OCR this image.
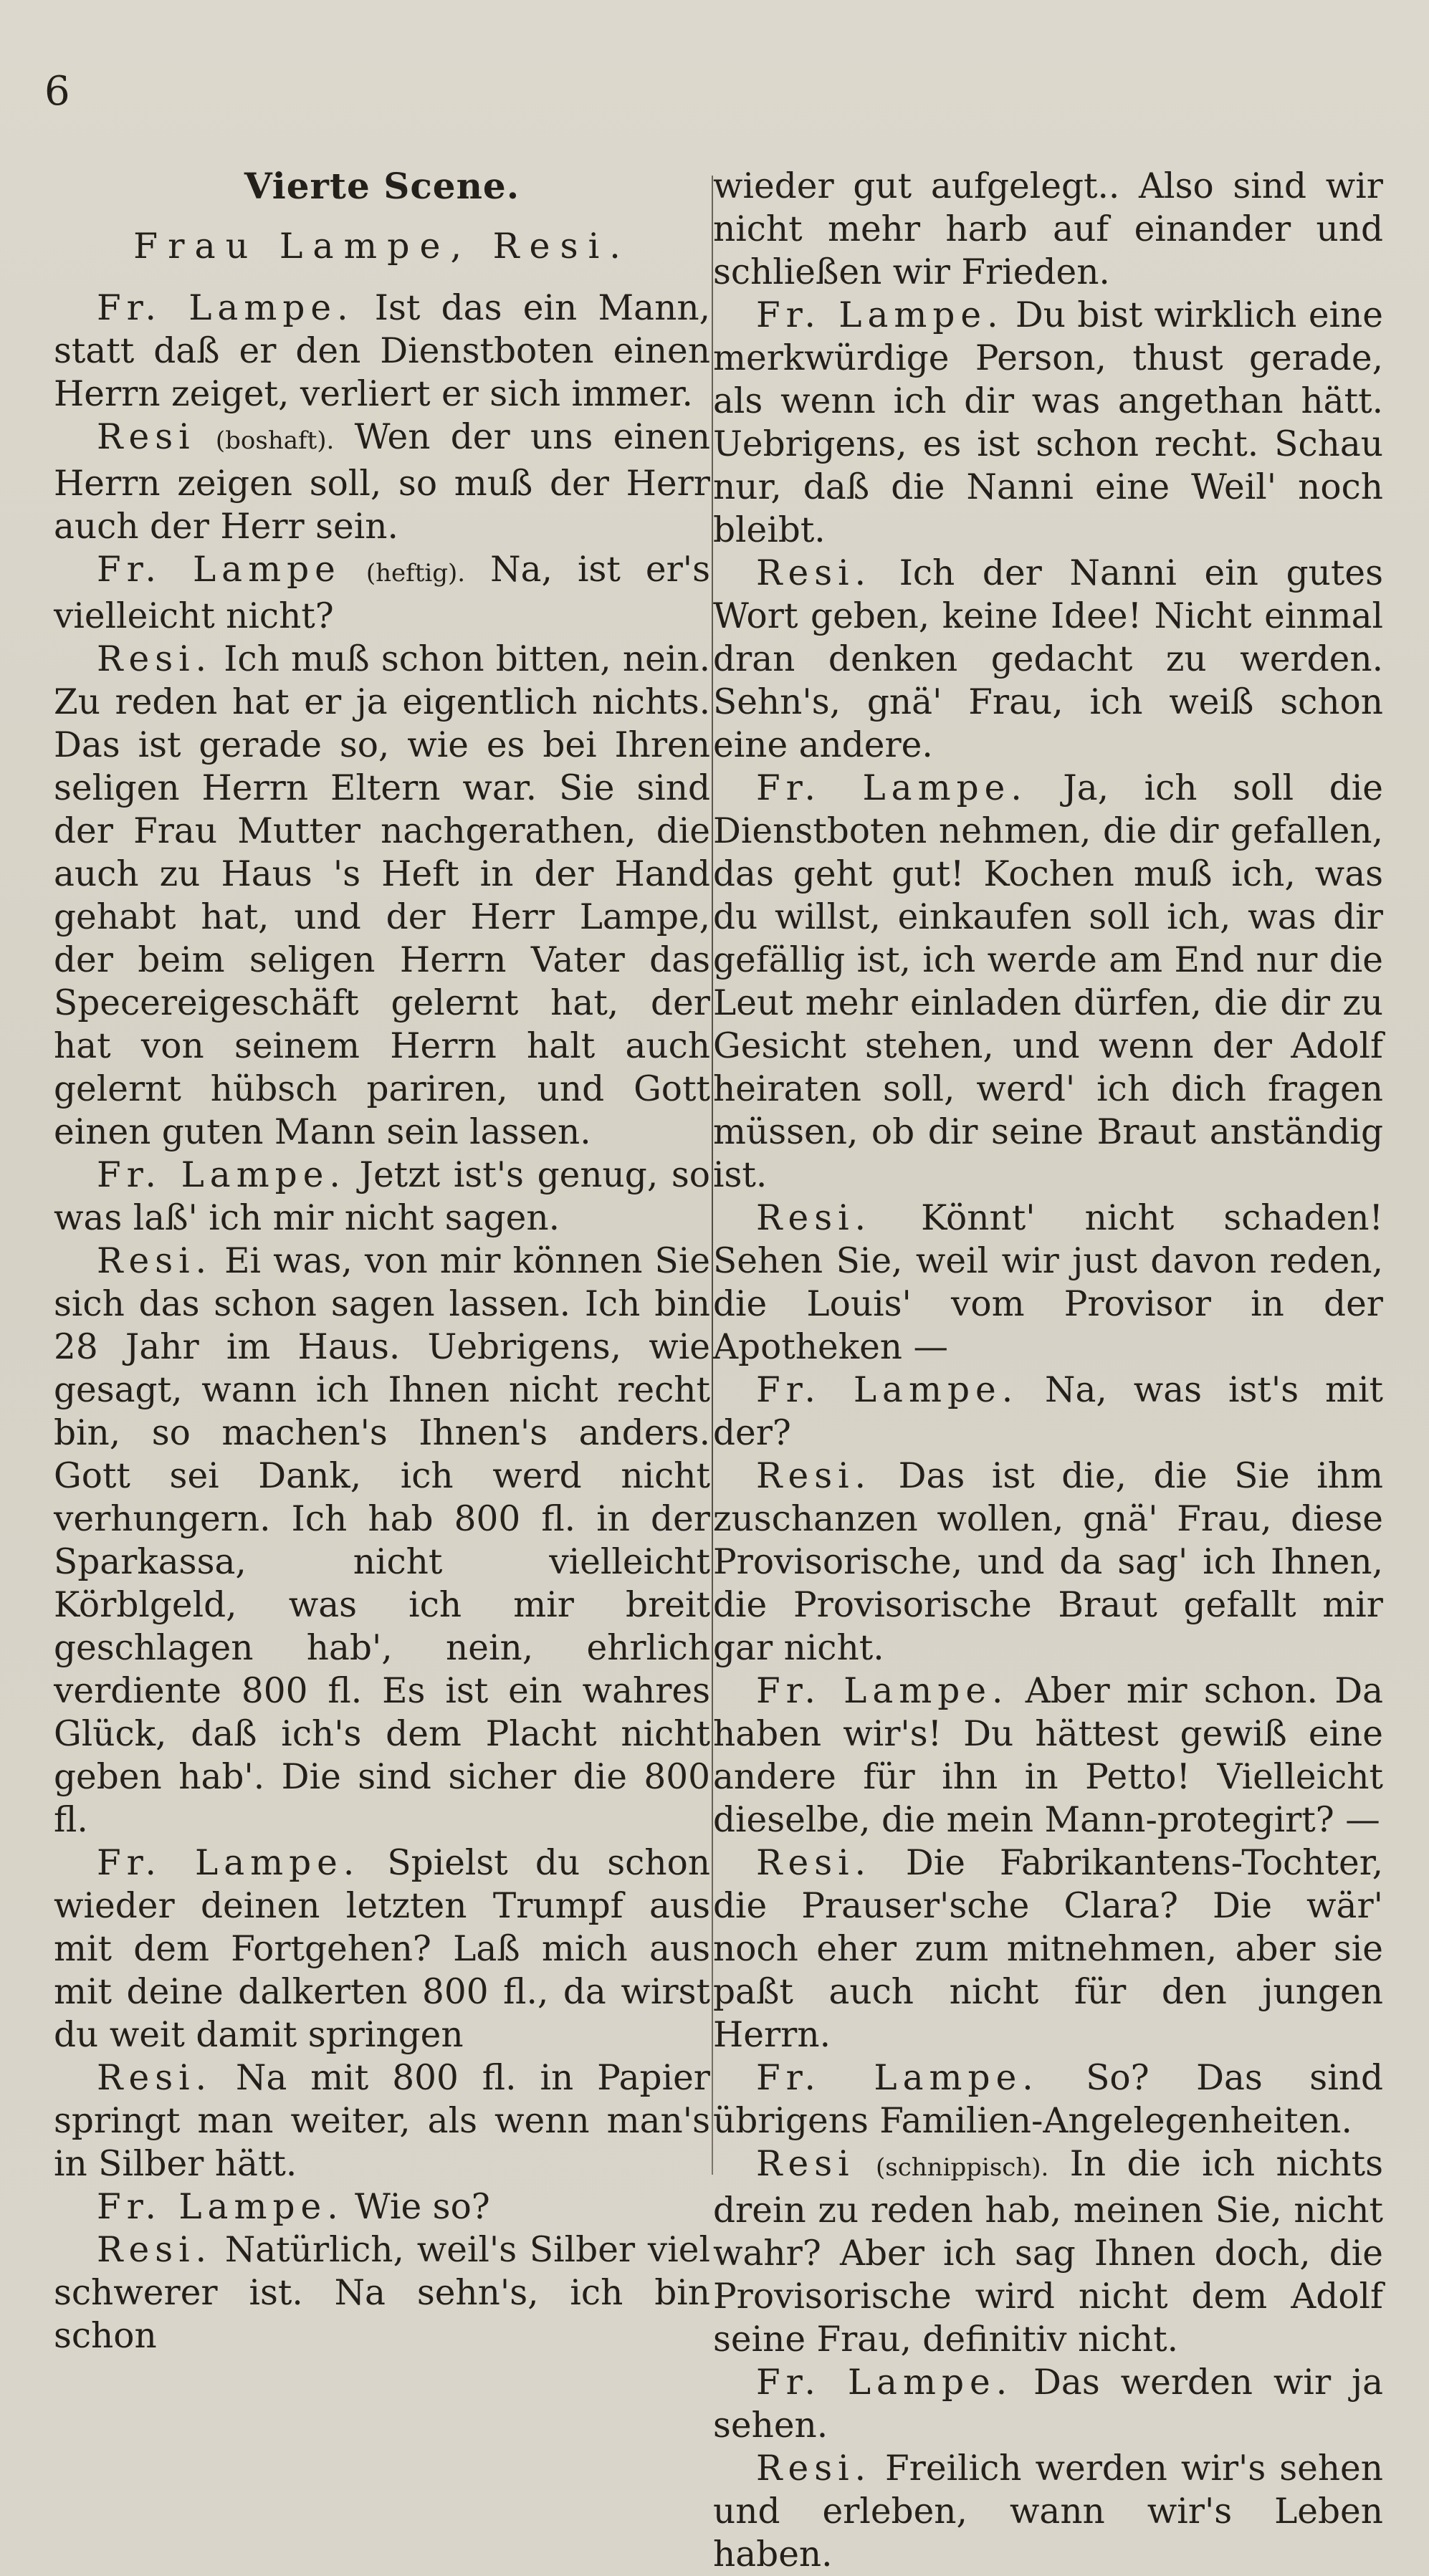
6
Vierte Scene.
Frau Lampe, Resi.

Fr. Lampe. Ist das ein Mann, statt daß er den Dienstboten einen Herrn zeiget, verliert er sich immer.

Resi (boshaft). Wen der uns einen Herrn zeigen soll, so muß der Herr auch der Herr sein.

Fr. Lampe (heftig). Na, ist er's vielleicht nicht?

Resi. Ich muß schon bitten, nein. Zu reden hat er ja eigentlich nichts. Das ist gerade so, wie es bei Ihren seligen Herrn Eltern war. Sie sind der Frau Mutter nachgerathen, die auch zu Haus 's Heft in der Hand gehabt hat, und der Herr Lampe, der beim seligen Herrn Vater das Specereigeschäft gelernt hat, der hat von seinem Herrn halt auch gelernt hübsch pariren, und Gott einen guten Mann sein lassen.

Fr. Lampe. Jetzt ist's genug, so was laß' ich mir nicht sagen.

Resi. Ei was, von mir können Sie sich das schon sagen lassen. Ich bin 28 Jahr im Haus. Uebrigens, wie gesagt, wann ich Ihnen nicht recht bin, so machen's Ihnen's anders. Gott sei Dank, ich werd nicht verhungern. Ich hab 800 fl. in der Sparkassa, nicht vielleicht Körblgeld, was ich mir breit geschlagen hab', nein, ehrlich verdiente 800 fl. Es ist ein wahres Glück, daß ich's dem Placht nicht geben hab'. Die sind sicher die 800 fl.

Fr. Lampe. Spielst du schon wieder deinen letzten Trumpf aus mit dem Fortgehen? Laß mich aus mit deine dalkerten 800 fl., da wirst du weit damit springen

Resi. Na mit 800 fl. in Papier springt man weiter, als wenn man's in Silber hätt.

Fr. Lampe. Wie so?

Resi. Natürlich, weil's Silber viel schwerer ist. Na sehn's, ich bin schon

wieder gut aufgelegt.. Also sind wir nicht mehr harb auf einander und schließen wir Frieden.

Fr. Lampe. Du bist wirklich eine merkwürdige Person, thust gerade, als wenn ich dir was angethan hätt. Uebrigens, es ist schon recht. Schau nur, daß die Nanni eine Weil' noch bleibt.

Resi. Ich der Nanni ein gutes Wort geben, keine Idee! Nicht einmal dran denken gedacht zu werden. Sehn's, gnä' Frau, ich weiß schon eine andere.

Fr. Lampe. Ja, ich soll die Dienstboten nehmen, die dir gefallen, das geht gut! Kochen muß ich, was du willst, einkaufen soll ich, was dir gefällig ist, ich werde am End nur die Leut mehr einladen dürfen, die dir zu Gesicht stehen, und wenn der Adolf heiraten soll, werd' ich dich fragen müssen, ob dir seine Braut anständig ist.

Resi. Könnt' nicht schaden! Sehen Sie, weil wir just davon reden, die Louis' vom Provisor in der Apotheken —

Fr. Lampe. Na, was ist's mit der?

Resi. Das ist die, die Sie ihm zuschanzen wollen, gnä' Frau, diese Provisorische, und da sag' ich Ihnen, die Provisorische Braut gefallt mir gar nicht.

Fr. Lampe. Aber mir schon. Da haben wir's! Du hättest gewiß eine andere für ihn in Petto! Vielleicht dieselbe, die mein Mann-protegirt? —

Resi. Die Fabrikantens-Tochter, die Prauser'sche Clara? Die wär' noch eher zum mitnehmen, aber sie paßt auch nicht für den jungen Herrn.

Fr. Lampe. So? Das sind übrigens Familien-Angelegenheiten.

Resi (schnippisch). In die ich nichts drein zu reden hab, meinen Sie, nicht wahr? Aber ich sag Ihnen doch, die Provisorische wird nicht dem Adolf seine Frau, definitiv nicht.

Fr. Lampe. Das werden wir ja sehen.

Resi. Freilich werden wir's sehen und erleben, wann wir's Leben haben.
